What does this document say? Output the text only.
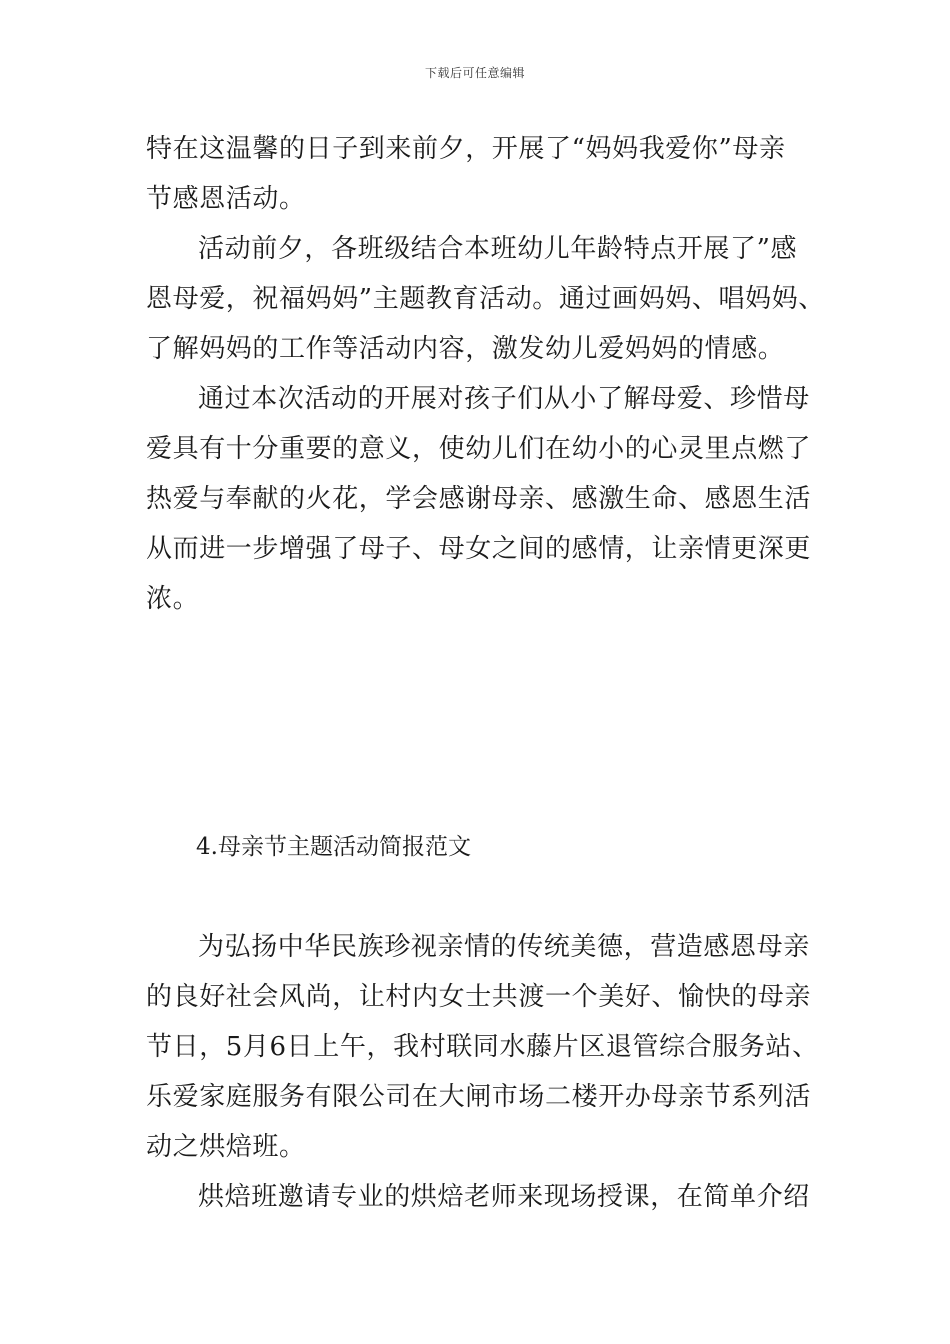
下载后可任意编辑
特在这温馨的日子到来前夕，开展了“妈妈我爱你”母亲
节感恩活动。
活动前夕，各班级结合本班幼儿年龄特点开展了”感
恩母爱，祝福妈妈”主题教育活动。通过画妈妈、唱妈妈、
了解妈妈的工作等活动内容，激发幼儿爱妈妈的情感。
通过本次活动的开展对孩子们从小了解母爱、珍惜母
爱具有十分重要的意义，使幼儿们在幼小的心灵里点燃了
热爱与奉献的火花，学会感谢母亲、感激生命、感恩生活
从而进一步增强了母子、母女之间的感情，让亲情更深更
浓。
4.母亲节主题活动简报范文
为弘扬中华民族珍视亲情的传统美德，营造感恩母亲
的良好社会风尚，让村内女士共渡一个美好、愉快的母亲
节日，5月6日上午，我村联同水藤片区退管综合服务站、
乐爱家庭服务有限公司在大闸市场二楼开办母亲节系列活
动之烘焙班。
烘焙班邀请专业的烘焙老师来现场授课，在简单介绍
